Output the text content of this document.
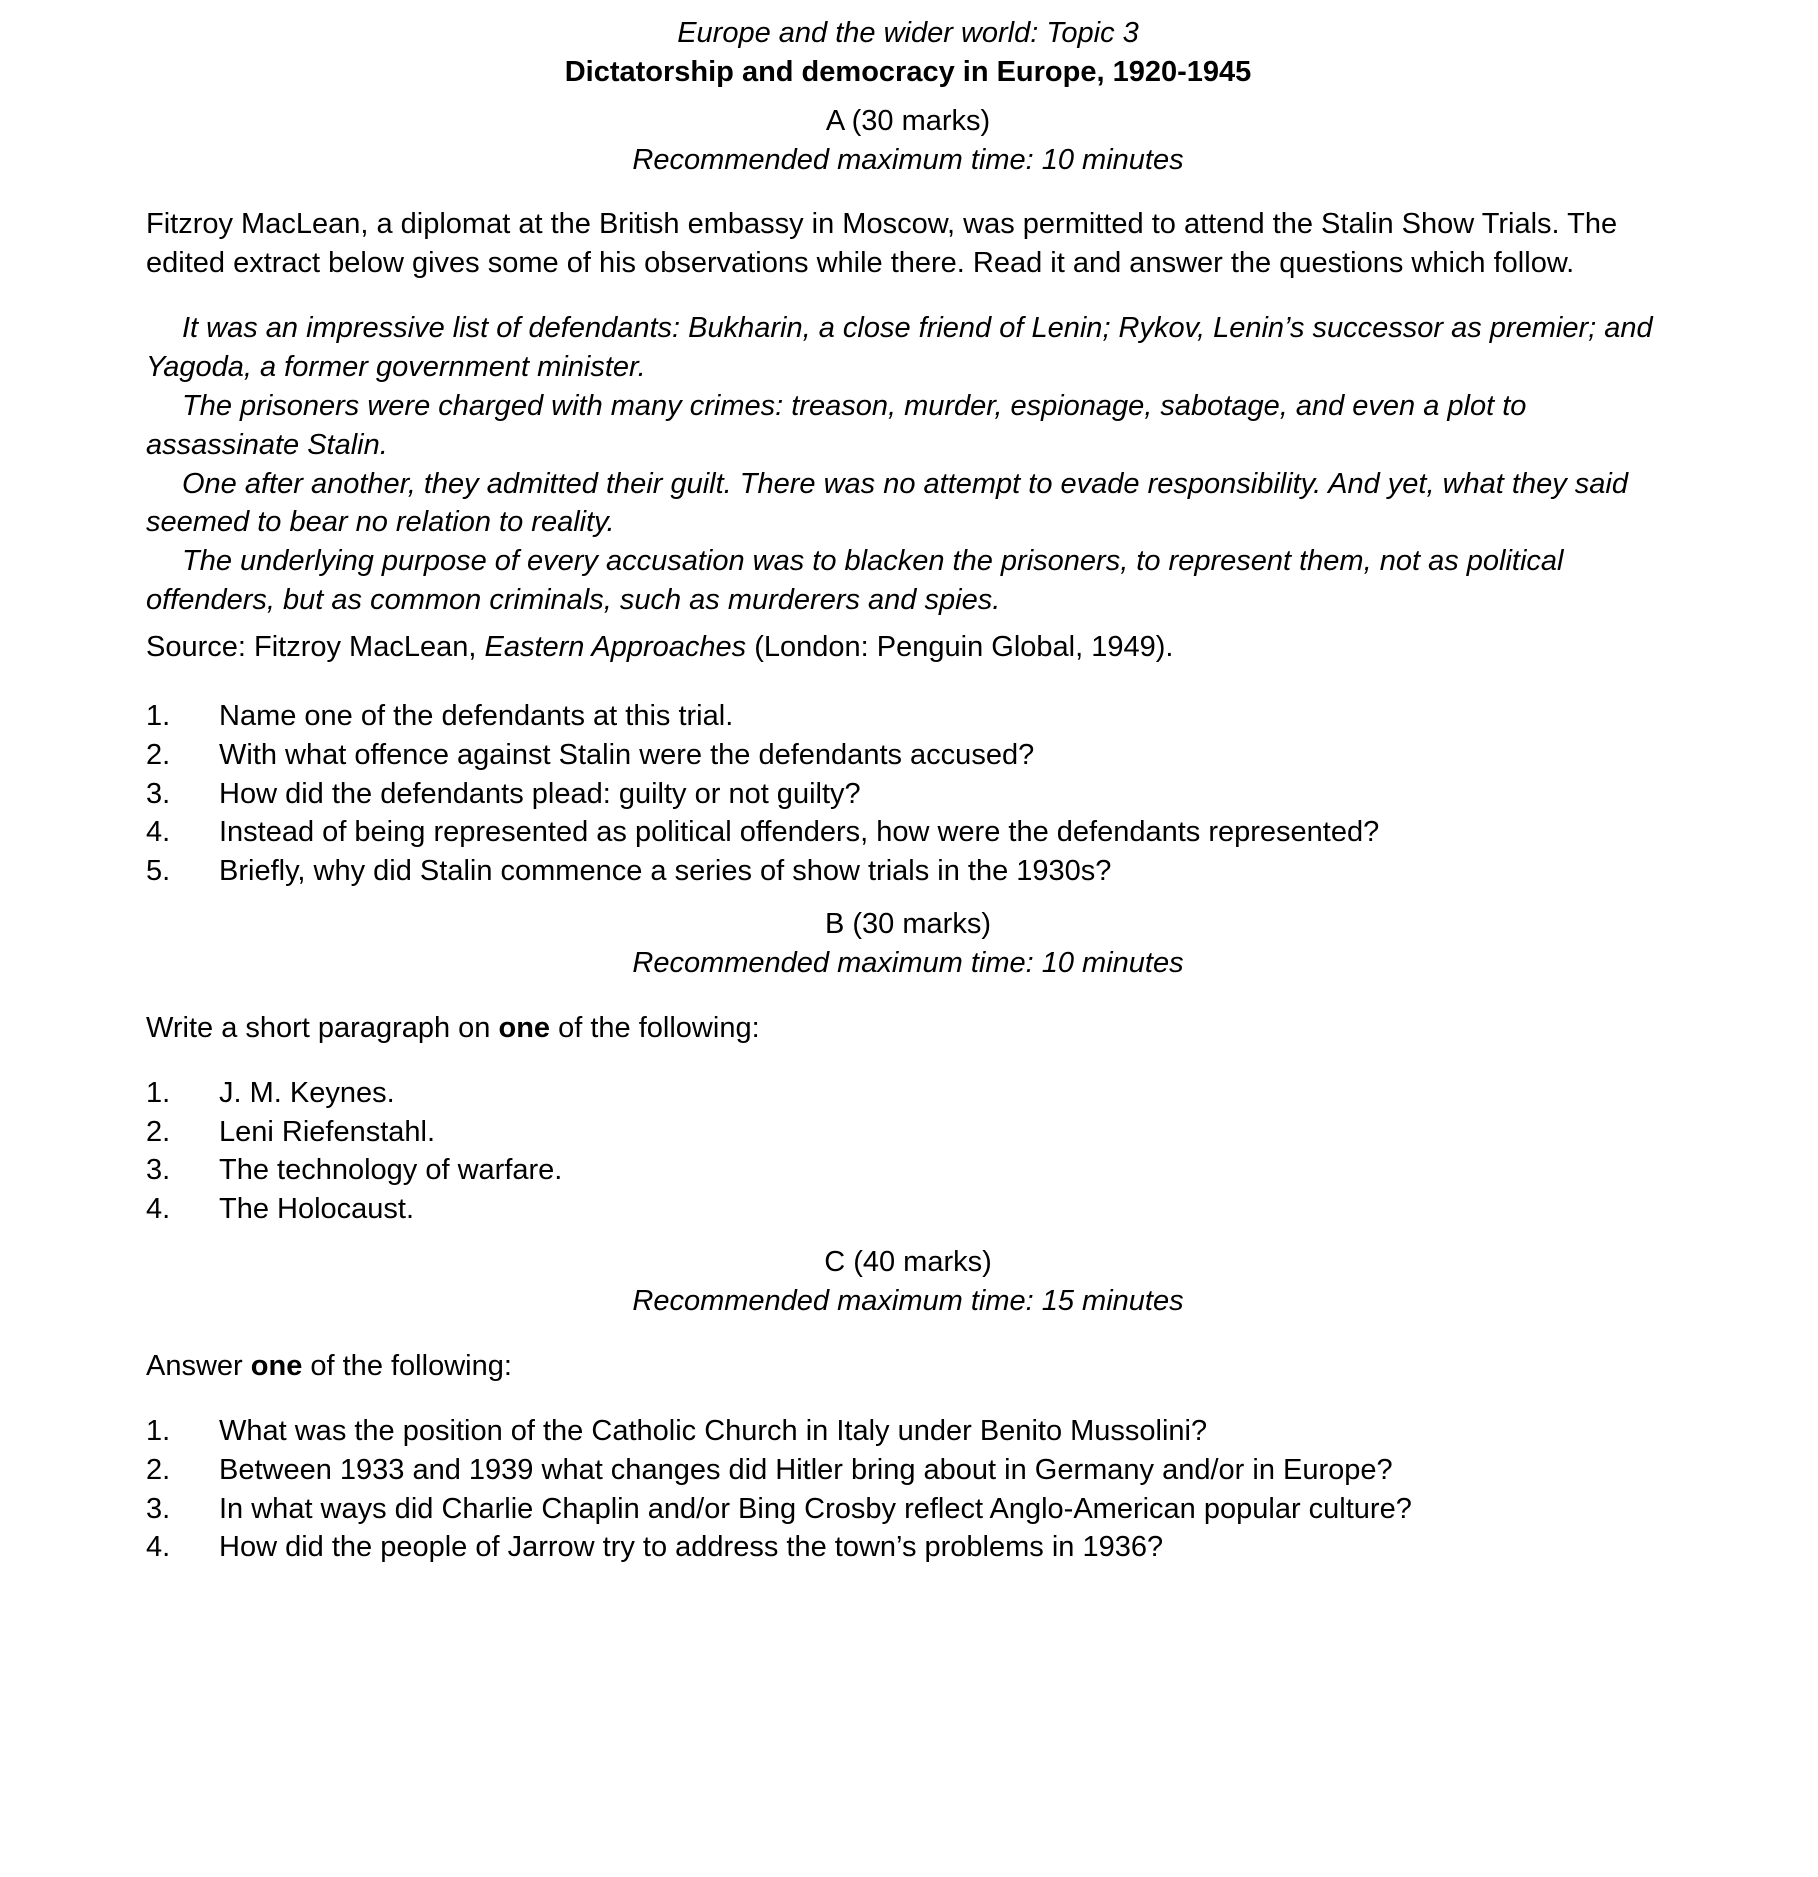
Europe and the wider world: Topic 3

Dictatorship and democracy in Europe, 1920-1945

A (30 marks)

Recommended maximum time: 10 minutes

Fitzroy MacLean, a diplomat at the British embassy in Moscow, was permitted to attend the Stalin Show Trials. The edited extract below gives some of his observations while there. Read it and answer the questions which follow.

It was an impressive list of defendants: Bukharin, a close friend of Lenin; Rykov, Lenin’s successor as premier; and Yagoda, a former government minister.

The prisoners were charged with many crimes: treason, murder, espionage, sabotage, and even a plot to assassinate Stalin.

One after another, they admitted their guilt. There was no attempt to evade responsibility. And yet, what they said seemed to bear no relation to reality.

The underlying purpose of every accusation was to blacken the prisoners, to represent them, not as political offenders, but as common criminals, such as murderers and spies.

Source: Fitzroy MacLean, Eastern Approaches (London: Penguin Global, 1949).

1.	Name one of the defendants at this trial.
2.	With what offence against Stalin were the defendants accused?
3.	How did the defendants plead: guilty or not guilty?
4.	Instead of being represented as political offenders, how were the defendants represented?
5.	Briefly, why did Stalin commence a series of show trials in the 1930s?

B (30 marks)

Recommended maximum time: 10 minutes

Write a short paragraph on one of the following:

1.	J. M. Keynes.
2.	Leni Riefenstahl.
3.	The technology of warfare.
4.	The Holocaust.

C (40 marks)

Recommended maximum time: 15 minutes

Answer one of the following:

1.	What was the position of the Catholic Church in Italy under Benito Mussolini?
2.	Between 1933 and 1939 what changes did Hitler bring about in Germany and/or in Europe?
3.	In what ways did Charlie Chaplin and/or Bing Crosby reflect Anglo-American popular culture?
4.	How did the people of Jarrow try to address the town’s problems in 1936?
